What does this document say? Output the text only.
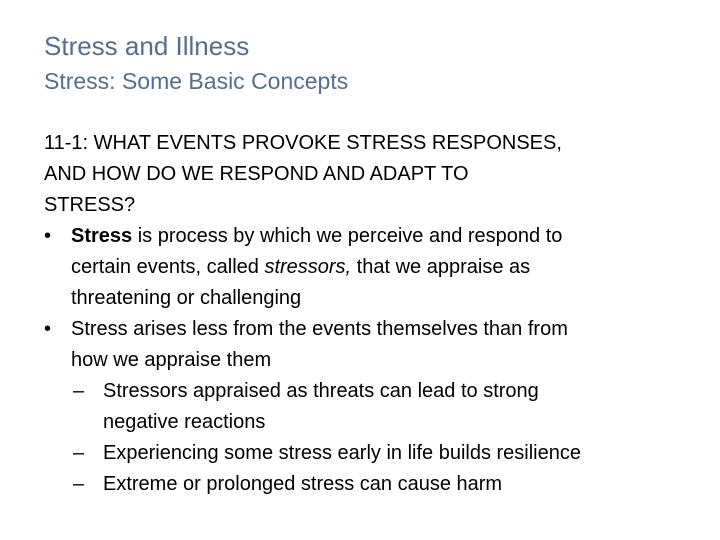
Stress and Illness
Stress: Some Basic Concepts
11-1: WHAT EVENTS PROVOKE STRESS RESPONSES,
AND HOW DO WE RESPOND AND ADAPT TO
STRESS?
• Stress is process by which we perceive and respond to
certain events, called stressors, that we appraise as
threatening or challenging
• Stress arises less from the events themselves than from
how we appraise them
– Stressors appraised as threats can lead to strong
negative reactions
– Experiencing some stress early in life builds resilience
– Extreme or prolonged stress can cause harm
